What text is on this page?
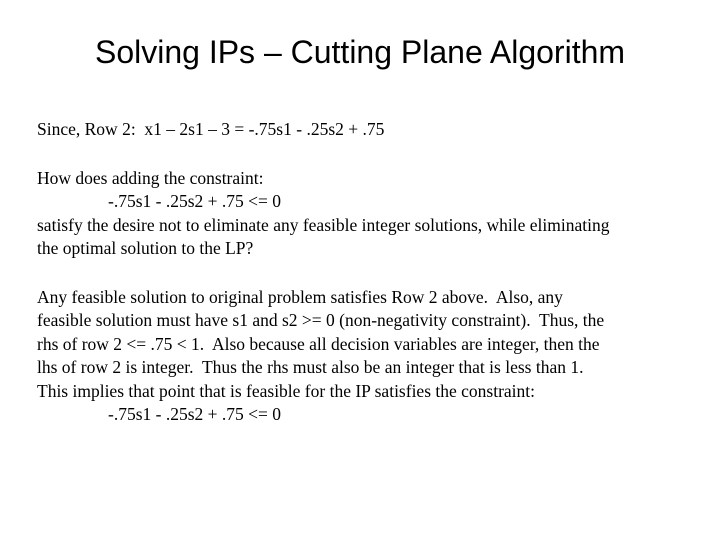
Solving IPs – Cutting Plane Algorithm
Since, Row 2:  x1 – 2s1 – 3 = -.75s1 - .25s2 + .75
How does adding the constraint:
-.75s1 - .25s2 + .75 <= 0
satisfy the desire not to eliminate any feasible integer solutions, while eliminating
the optimal solution to the LP?
Any feasible solution to original problem satisfies Row 2 above.  Also, any
feasible solution must have s1 and s2 >= 0 (non-negativity constraint).  Thus, the
rhs of row 2 <= .75 < 1.  Also because all decision variables are integer, then the
lhs of row 2 is integer.  Thus the rhs must also be an integer that is less than 1.
This implies that point that is feasible for the IP satisfies the constraint:
-.75s1 - .25s2 + .75 <= 0
